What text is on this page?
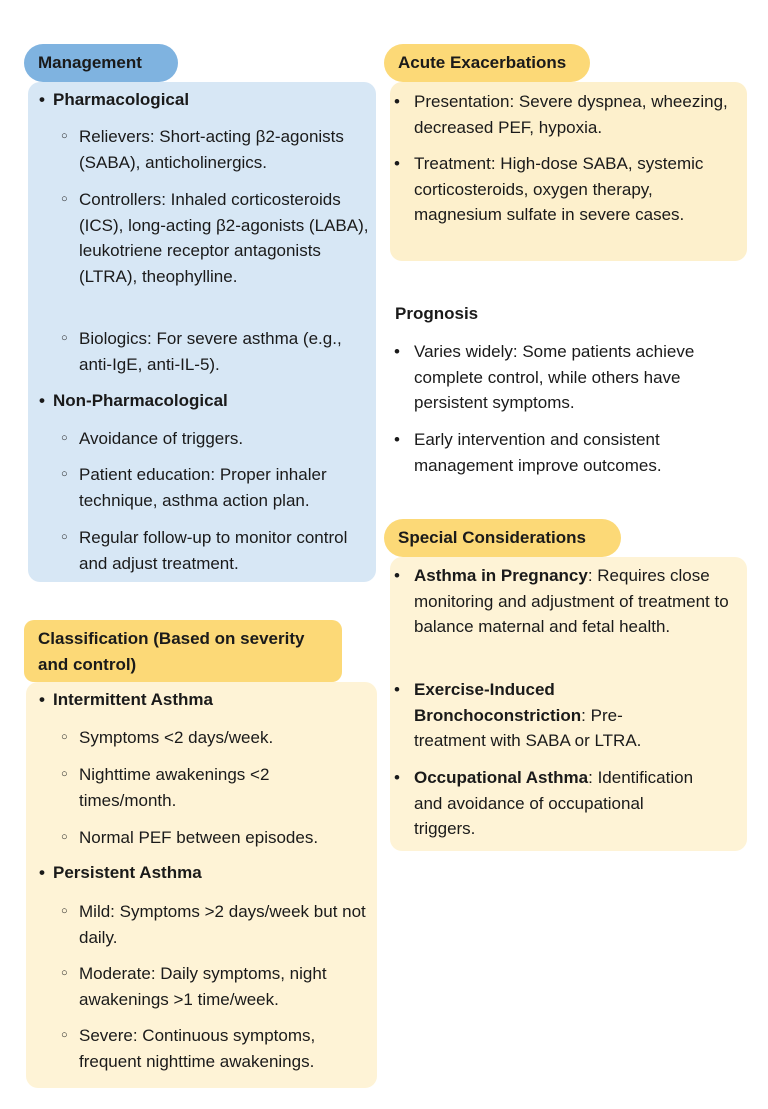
Management
• Pharmacological
○ Relievers: Short-acting β2-agonists (SABA), anticholinergics.
○ Controllers: Inhaled corticosteroids (ICS), long-acting β2-agonists (LABA), leukotriene receptor antagonists (LTRA), theophylline.
○ Biologics: For severe asthma (e.g., anti-IgE, anti-IL-5).
• Non-Pharmacological
○ Avoidance of triggers.
○ Patient education: Proper inhaler technique, asthma action plan.
○ Regular follow-up to monitor control and adjust treatment.
Classification (Based on severity and control)
• Intermittent Asthma
○ Symptoms <2 days/week.
○ Nighttime awakenings <2 times/month.
○ Normal PEF between episodes.
• Persistent Asthma
○ Mild: Symptoms >2 days/week but not daily.
○ Moderate: Daily symptoms, night awakenings >1 time/week.
○ Severe: Continuous symptoms, frequent nighttime awakenings.
Acute Exacerbations
• Presentation: Severe dyspnea, wheezing, decreased PEF, hypoxia.
• Treatment: High-dose SABA, systemic corticosteroids, oxygen therapy, magnesium sulfate in severe cases.
Prognosis
• Varies widely: Some patients achieve complete control, while others have persistent symptoms.
• Early intervention and consistent management improve outcomes.
Special Considerations
• Asthma in Pregnancy: Requires close monitoring and adjustment of treatment to balance maternal and fetal health.
• Exercise-Induced Bronchoconstriction: Pre-treatment with SABA or LTRA.
• Occupational Asthma: Identification and avoidance of occupational triggers.
